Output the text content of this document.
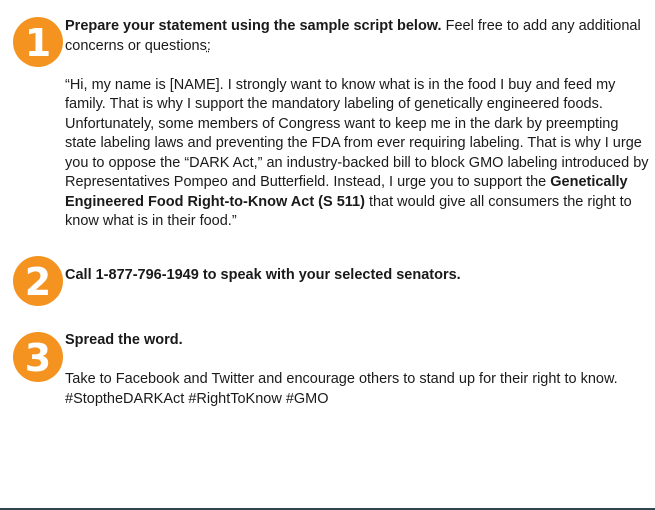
1 Prepare your statement using the sample script below. Feel free to add any additional concerns or questions:

“Hi, my name is [NAME]. I strongly want to know what is in the food I buy and feed my family. That is why I support the mandatory labeling of genetically engineered foods. Unfortunately, some members of Congress want to keep me in the dark by preempting state labeling laws and preventing the FDA from ever requiring labeling. That is why I urge you to oppose the “DARK Act,” an industry-backed bill to block GMO labeling introduced by Representatives Pompeo and Butterfield. Instead, I urge you to support the Genetically Engineered Food Right-to-Know Act (S 511) that would give all consumers the right to know what is in their food.”

2 Call 1-877-796-1949 to speak with your selected senators.

3 Spread the word.

Take to Facebook and Twitter and encourage others to stand up for their right to know. #StoptheDARKAct #RightToKnow #GMO
